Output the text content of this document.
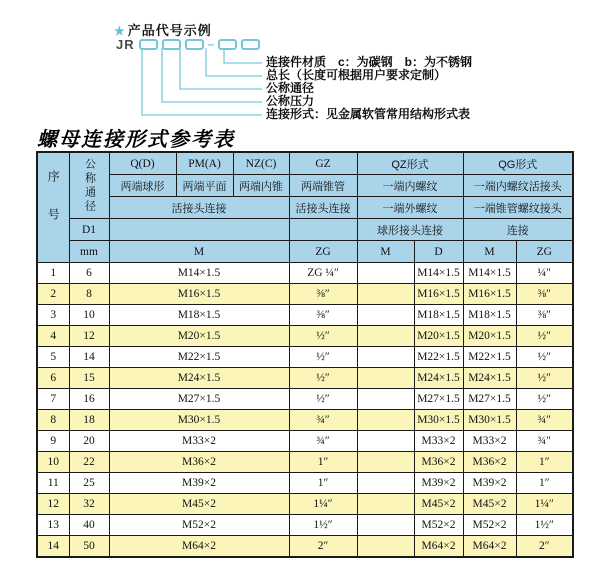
★ 产品代号示例
JR	–
连接件材质　c：为碳钢　b：为不锈钢
总长（长度可根据用户要求定制）
公称通径
公称压力
连接形式：见金属软管常用结构形式表
螺母连接形式参考表
序号	公称通径	Q(D)	PM(A)	NZ(C)	GZ	QZ形式		QG形式	
		两端球形	两端平面	两端内锥	两端锥管	一端内螺纹		一端内螺纹活接头	
		活接头连接			活接头连接	一端外螺纹		一端锥管螺纹接头	
	D1					球形接头连接		连接	
	mm	M			ZG	M	D	M	ZG
1	6	M14×1.5			ZG ¼″		M14×1.5	M14×1.5	¼″
2	8	M16×1.5			⅜″		M16×1.5	M16×1.5	⅜″
3	10	M18×1.5			⅜″		M18×1.5	M18×1.5	⅜″
4	12	M20×1.5			½″		M20×1.5	M20×1.5	½″
5	14	M22×1.5			½″		M22×1.5	M22×1.5	½″
6	15	M24×1.5			½″		M24×1.5	M24×1.5	½″
7	16	M27×1.5			½″		M27×1.5	M27×1.5	½″
8	18	M30×1.5			¾″		M30×1.5	M30×1.5	¾″
9	20	M33×2			¾″		M33×2	M33×2	¾″
10	22	M36×2			1″		M36×2	M36×2	1″
11	25	M39×2			1″		M39×2	M39×2	1″
12	32	M45×2			1¼″		M45×2	M45×2	1¼″
13	40	M52×2			1½″		M52×2	M52×2	1½″
14	50	M64×2			2″		M64×2	M64×2	2″
